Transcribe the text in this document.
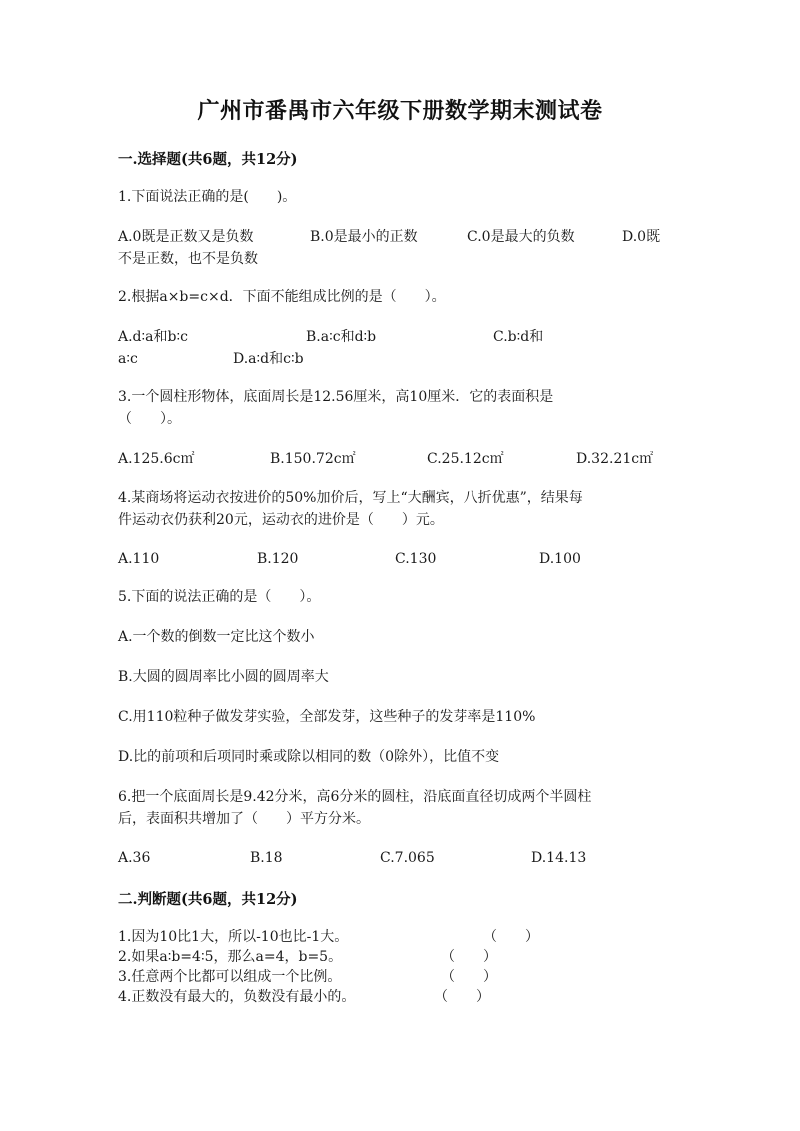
广州市番禺市六年级下册数学期末测试卷
一.选择题(共6题，共12分)
1.下面说法正确的是(　　)。
A.0既是正数又是负数	B.0是最小的正数	C.0是最大的负数	D.0既
不是正数，也不是负数
2.根据a×b=c×d．下面不能组成比例的是（　　）。
A.d∶a和b∶c	B.a∶c和d∶b	C.b∶d和
a∶c	D.a∶d和c∶b
3.一个圆柱形物体，底面周长是12.56厘米，高10厘米．它的表面积是
（　　）。
A.125.6c㎡	B.150.72c㎡	C.25.12c㎡	D.32.21c㎡
4.某商场将运动衣按进价的50%加价后，写上“大酬宾，八折优惠”，结果每
件运动衣仍获利20元，运动衣的进价是（　　）元。
A.110	B.120	C.130	D.100
5.下面的说法正确的是（　　）。
A.一个数的倒数一定比这个数小
B.大圆的圆周率比小圆的圆周率大
C.用110粒种子做发芽实验，全部发芽，这些种子的发芽率是110%
D.比的前项和后项同时乘或除以相同的数（0除外），比值不变
6.把一个底面周长是9.42分米，高6分米的圆柱，沿底面直径切成两个半圆柱
后，表面积共增加了（　　）平方分米。
A.36	B.18	C.7.065	D.14.13
二.判断题(共6题，共12分)
1.因为10比1大，所以-10也比-1大。	（　　）
2.如果a∶b=4∶5，那么a=4，b=5。	（　　）
3.任意两个比都可以组成一个比例。	（　　）
4.正数没有最大的，负数没有最小的。	（　　）
